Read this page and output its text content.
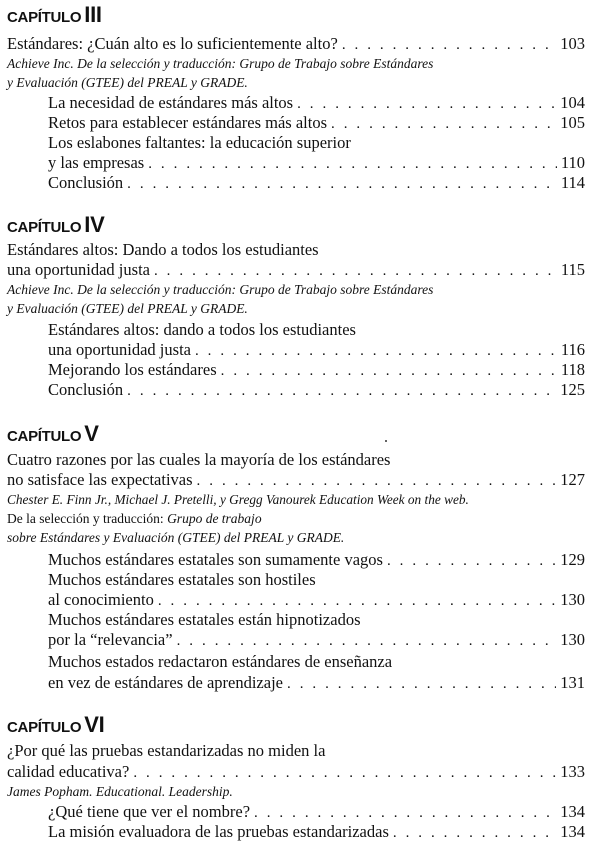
CAPÍTULO III
Estándares: ¿Cuán alto es lo suficientemente alto? . . .	103
Achieve Inc. De la selección y traducción: Grupo de Trabajo sobre Estándares
y Evaluación (GTEE) del PREAL y GRADE.
La necesidad de estándares más altos . . .	104
Retos para establecer estándares más altos . . .	105
Los eslabones faltantes: la educación superior
y las empresas . . .	110
Conclusión . . .	114
CAPÍTULO IV
Estándares altos: Dando a todos los estudiantes
una oportunidad justa . . .	115
Achieve Inc. De la selección y traducción: Grupo de Trabajo sobre Estándares
y Evaluación (GTEE) del PREAL y GRADE.
Estándares altos: dando a todos los estudiantes
una oportunidad justa . . .	116
Mejorando los estándares . . .	118
Conclusión . . .	125
CAPÍTULO V
Cuatro razones por las cuales la mayoría de los estándares
no satisface las expectativas . . .	127
Chester E. Finn Jr., Michael J. Pretelli, y Gregg Vanourek Education Week on the web.
De la selección y traducción: Grupo de trabajo
sobre Estándares y Evaluación (GTEE) del PREAL y GRADE.
Muchos estándares estatales son sumamente vagos . . .	129
Muchos estándares estatales son hostiles
al conocimiento . . .	130
Muchos estándares estatales están hipnotizados
por la “relevancia” . . .	130
Muchos estados redactaron estándares de enseñanza
en vez de estándares de aprendizaje . . .	131
CAPÍTULO VI
¿Por qué las pruebas estandarizadas no miden la
calidad educativa? . . .	133
James Popham. Educational. Leadership.
¿Qué tiene que ver el nombre? . . .	134
La misión evaluadora de las pruebas estandarizadas . . .	134
